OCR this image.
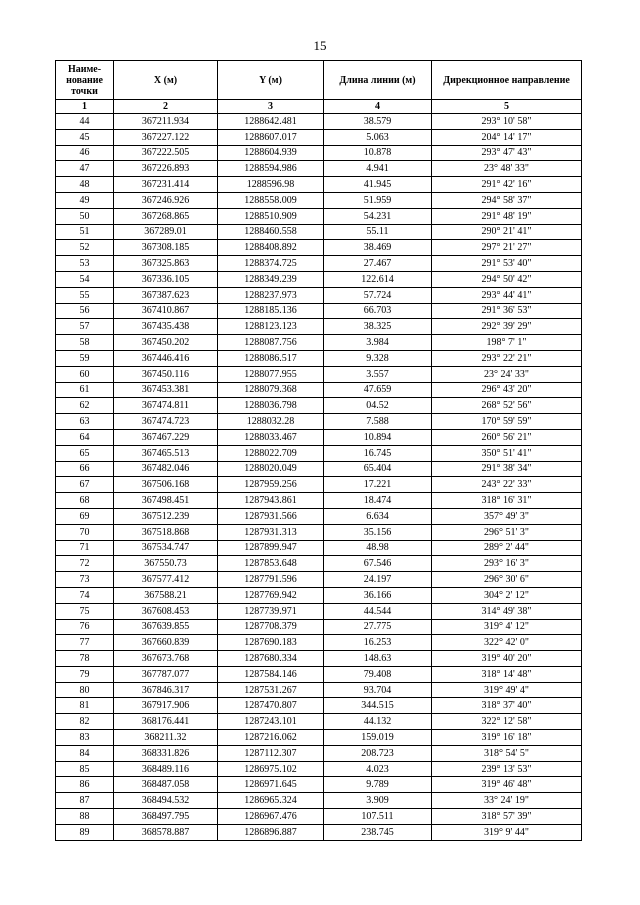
15
Наиме-нование точки	X (м)	Y (м)	Длина линии (м)	Дирекционное направление
1	2	3	4	5
44	367211.934	1288642.481	38.579	293° 10' 58"
45	367227.122	1288607.017	5.063	204° 14' 17"
46	367222.505	1288604.939	10.878	293° 47' 43"
47	367226.893	1288594.986	4.941	23° 48' 33"
48	367231.414	1288596.98	41.945	291° 42' 16"
49	367246.926	1288558.009	51.959	294° 58' 37"
50	367268.865	1288510.909	54.231	291° 48' 19"
51	367289.01	1288460.558	55.11	290° 21' 41"
52	367308.185	1288408.892	38.469	297° 21' 27"
53	367325.863	1288374.725	27.467	291° 53' 40"
54	367336.105	1288349.239	122.614	294° 50' 42"
55	367387.623	1288237.973	57.724	293° 44' 41"
56	367410.867	1288185.136	66.703	291° 36' 53"
57	367435.438	1288123.123	38.325	292° 39' 29"
58	367450.202	1288087.756	3.984	198° 7' 1"
59	367446.416	1288086.517	9.328	293° 22' 21"
60	367450.116	1288077.955	3.557	23° 24' 33"
61	367453.381	1288079.368	47.659	296° 43' 20"
62	367474.811	1288036.798	04.52	268° 52' 56"
63	367474.723	1288032.28	7.588	170° 59' 59"
64	367467.229	1288033.467	10.894	260° 56' 21"
65	367465.513	1288022.709	16.745	350° 51' 41"
66	367482.046	1288020.049	65.404	291° 38' 34"
67	367506.168	1287959.256	17.221	243° 22' 33"
68	367498.451	1287943.861	18.474	318° 16' 31"
69	367512.239	1287931.566	6.634	357° 49' 3"
70	367518.868	1287931.313	35.156	296° 51' 3"
71	367534.747	1287899.947	48.98	289° 2' 44"
72	367550.73	1287853.648	67.546	293° 16' 3"
73	367577.412	1287791.596	24.197	296° 30' 6"
74	367588.21	1287769.942	36.166	304° 2' 12"
75	367608.453	1287739.971	44.544	314° 49' 38"
76	367639.855	1287708.379	27.775	319° 4' 12"
77	367660.839	1287690.183	16.253	322° 42' 0"
78	367673.768	1287680.334	148.63	319° 40' 20"
79	367787.077	1287584.146	79.408	318° 14' 48"
80	367846.317	1287531.267	93.704	319° 49' 4"
81	367917.906	1287470.807	344.515	318° 37' 40"
82	368176.441	1287243.101	44.132	322° 12' 58"
83	368211.32	1287216.062	159.019	319° 16' 18"
84	368331.826	1287112.307	208.723	318° 54' 5"
85	368489.116	1286975.102	4.023	239° 13' 53"
86	368487.058	1286971.645	9.789	319° 46' 48"
87	368494.532	1286965.324	3.909	33° 24' 19"
88	368497.795	1286967.476	107.511	318° 57' 39"
89	368578.887	1286896.887	238.745	319° 9' 44"
